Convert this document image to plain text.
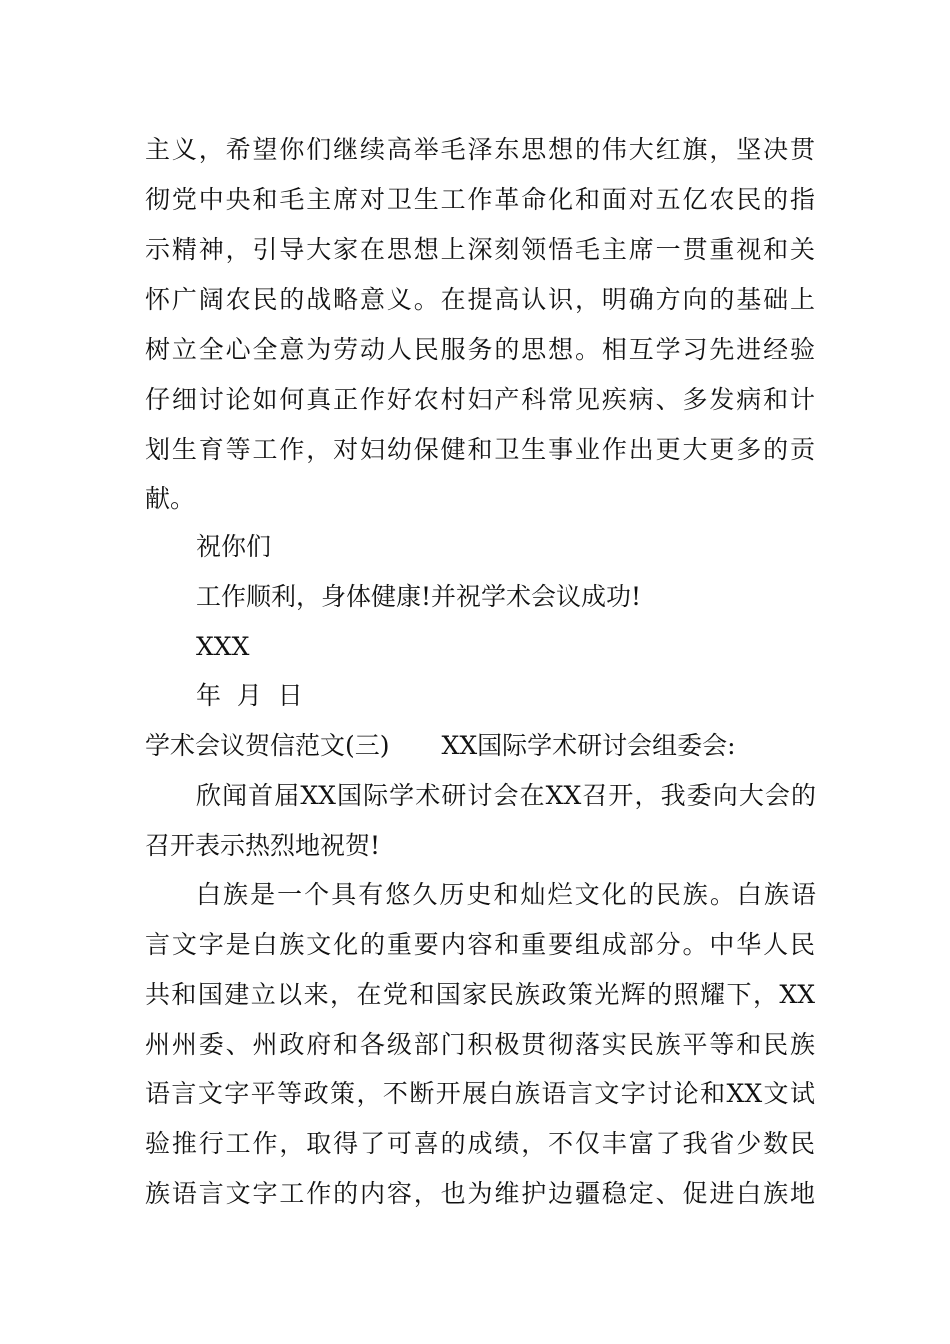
主义，希望你们继续高举毛泽东思想的伟大红旗，坚决贯
彻党中央和毛主席对卫生工作革命化和面对五亿农民的指
示精神，引导大家在思想上深刻领悟毛主席一贯重视和关
怀广阔农民的战略意义。在提高认识，明确方向的基础上
树立全心全意为劳动人民服务的思想。相互学习先进经验
仔细讨论如何真正作好农村妇产科常见疾病、多发病和计
划生育等工作，对妇幼保健和卫生事业作出更大更多的贡
献。
祝你们
工作顺利，身体健康!并祝学术会议成功!
XXX
年  月  日
学术会议贺信范文(三) XX国际学术研讨会组委会:
欣闻首届XX国际学术研讨会在XX召开，我委向大会的
召开表示热烈地祝贺!
白族是一个具有悠久历史和灿烂文化的民族。白族语
言文字是白族文化的重要内容和重要组成部分。中华人民
共和国建立以来，在党和国家民族政策光辉的照耀下，XX
州州委、州政府和各级部门积极贯彻落实民族平等和民族
语言文字平等政策，不断开展白族语言文字讨论和XX文试
验推行工作，取得了可喜的成绩，不仅丰富了我省少数民
族语言文字工作的内容，也为维护边疆稳定、促进白族地
